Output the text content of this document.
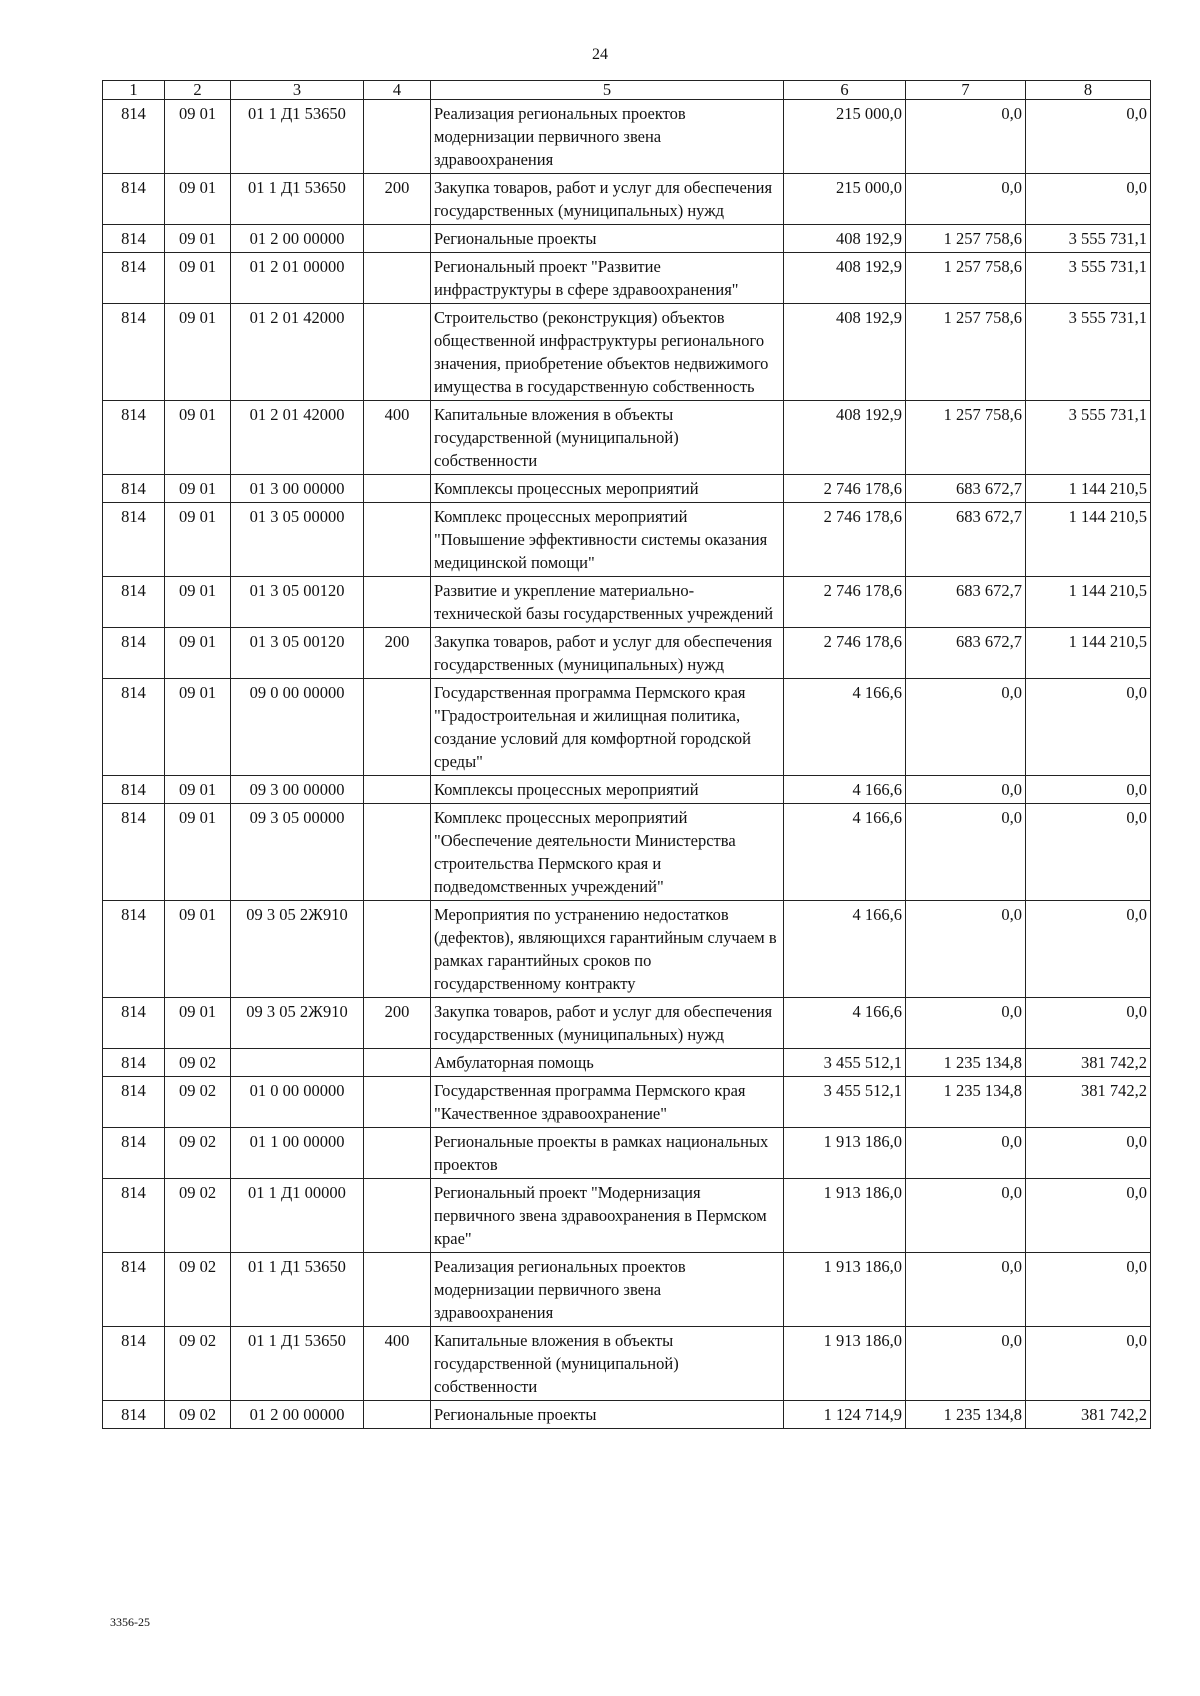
24
1	2	3	4	5	6	7	8
814	09 01	01 1 Д1 53650		Реализация региональных проектов модернизации первичного звена здравоохранения	215 000,0	0,0	0,0
814	09 01	01 1 Д1 53650	200	Закупка товаров, работ и услуг для обеспечения государственных (муниципальных) нужд	215 000,0	0,0	0,0
814	09 01	01 2 00 00000		Региональные проекты	408 192,9	1 257 758,6	3 555 731,1
814	09 01	01 2 01 00000		Региональный проект "Развитие инфраструктуры в сфере здравоохранения"	408 192,9	1 257 758,6	3 555 731,1
814	09 01	01 2 01 42000		Строительство (реконструкция) объектов общественной инфраструктуры регионального значения, приобретение объектов недвижимого имущества в государственную собственность	408 192,9	1 257 758,6	3 555 731,1
814	09 01	01 2 01 42000	400	Капитальные вложения в объекты государственной (муниципальной) собственности	408 192,9	1 257 758,6	3 555 731,1
814	09 01	01 3 00 00000		Комплексы процессных мероприятий	2 746 178,6	683 672,7	1 144 210,5
814	09 01	01 3 05 00000		Комплекс процессных мероприятий "Повышение эффективности системы оказания медицинской помощи"	2 746 178,6	683 672,7	1 144 210,5
814	09 01	01 3 05 00120		Развитие и укрепление материально-технической базы государственных учреждений	2 746 178,6	683 672,7	1 144 210,5
814	09 01	01 3 05 00120	200	Закупка товаров, работ и услуг для обеспечения государственных (муниципальных) нужд	2 746 178,6	683 672,7	1 144 210,5
814	09 01	09 0 00 00000		Государственная программа Пермского края "Градостроительная и жилищная политика, создание условий для комфортной городской среды"	4 166,6	0,0	0,0
814	09 01	09 3 00 00000		Комплексы процессных мероприятий	4 166,6	0,0	0,0
814	09 01	09 3 05 00000		Комплекс процессных мероприятий "Обеспечение деятельности Министерства строительства Пермского края и подведомственных учреждений"	4 166,6	0,0	0,0
814	09 01	09 3 05 2Ж910		Мероприятия по устранению недостатков (дефектов), являющихся гарантийным случаем в рамках гарантийных сроков по государственному контракту	4 166,6	0,0	0,0
814	09 01	09 3 05 2Ж910	200	Закупка товаров, работ и услуг для обеспечения государственных (муниципальных) нужд	4 166,6	0,0	0,0
814	09 02			Амбулаторная помощь	3 455 512,1	1 235 134,8	381 742,2
814	09 02	01 0 00 00000		Государственная программа Пермского края "Качественное здравоохранение"	3 455 512,1	1 235 134,8	381 742,2
814	09 02	01 1 00 00000		Региональные проекты в рамках национальных проектов	1 913 186,0	0,0	0,0
814	09 02	01 1 Д1 00000		Региональный проект "Модернизация первичного звена здравоохранения в Пермском крае"	1 913 186,0	0,0	0,0
814	09 02	01 1 Д1 53650		Реализация региональных проектов модернизации первичного звена здравоохранения	1 913 186,0	0,0	0,0
814	09 02	01 1 Д1 53650	400	Капитальные вложения в объекты государственной (муниципальной) собственности	1 913 186,0	0,0	0,0
814	09 02	01 2 00 00000		Региональные проекты	1 124 714,9	1 235 134,8	381 742,2
3356-25
